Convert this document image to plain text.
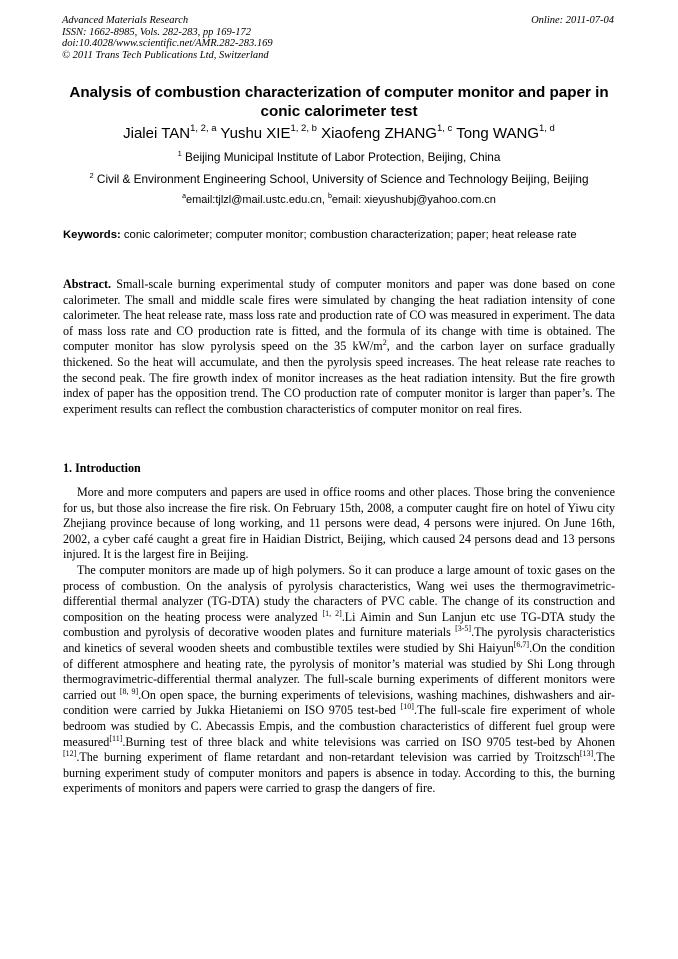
Advanced Materials Research
ISSN: 1662-8985, Vols. 282-283, pp 169-172
doi:10.4028/www.scientific.net/AMR.282-283.169
© 2011 Trans Tech Publications Ltd, Switzerland
Online: 2011-07-04
Analysis of combustion characterization of computer monitor and paper in conic calorimeter test
Jialei TAN$^{1, 2, a}$ Yushu XIE$^{1, 2, b}$ Xiaofeng ZHANG$^{1, c}$ Tong WANG$^{1, d}$
$^1$ Beijing Municipal Institute of Labor Protection, Beijing, China
$^2$ Civil & Environment Engineering School, University of Science and Technology Beijing, Beijing
$^a$email:tjlzl@mail.ustc.edu.cn, $^b$email: xieyushubj@yahoo.com.cn
Keywords: conic calorimeter; computer monitor; combustion characterization; paper; heat release rate
Abstract. Small-scale burning experimental study of computer monitors and paper was done based on cone calorimeter. The small and middle scale fires were simulated by changing the heat radiation intensity of cone calorimeter. The heat release rate, mass loss rate and production rate of CO was measured in experiment. The data of mass loss rate and CO production rate is fitted, and the formula of its change with time is obtained. The computer monitor has slow pyrolysis speed on the 35 kW/m$^2$, and the carbon layer on surface gradually thickened. So the heat will accumulate, and then the pyrolysis speed increases. The heat release rate reaches to the second peak. The fire growth index of monitor increases as the heat radiation intensity. But the fire growth index of paper has the opposition trend. The CO production rate of computer monitor is larger than paper’s. The experiment results can reflect the combustion characteristics of computer monitor on real fires.
1. Introduction

More and more computers and papers are used in office rooms and other places. Those bring the convenience for us, but those also increase the fire risk. On February 15th, 2008, a computer caught fire on hotel of Yiwu city Zhejiang province because of long working, and 11 persons were dead, 4 persons were injured. On June 16th, 2002, a cyber café caught a great fire in Haidian District, Beijing, which caused 24 persons dead and 13 persons injured. It is the largest fire in Beijing.

The computer monitors are made up of high polymers. So it can produce a large amount of toxic gases on the process of combustion. On the analysis of pyrolysis characteristics, Wang wei uses the thermogravimetric-differential thermal analyzer (TG-DTA) study the characters of PVC cable. The change of its construction and composition on the heating process were analyzed [1, 2].Li Aimin and Sun Lanjun etc use TG-DTA study the combustion and pyrolysis of decorative wooden plates and furniture materials [3-5].The pyrolysis characteristics and kinetics of several wooden sheets and combustible textiles were studied by Shi Haiyun[6,7].On the condition of different atmosphere and heating rate, the pyrolysis of monitor’s material was studied by Shi Long through thermogravimetric-differential thermal analyzer. The full-scale burning experiments of different monitors were carried out [8, 9].On open space, the burning experiments of televisions, washing machines, dishwashers and air-condition were carried by Jukka Hietaniemi on ISO 9705 test-bed [10].The full-scale fire experiment of whole bedroom was studied by C. Abecassis Empis, and the combustion characteristics of different fuel group were measured[11].Burning test of three black and white televisions was carried on ISO 9705 test-bed by Ahonen [12].The burning experiment of flame retardant and non-retardant television was carried by Troitzsch[13].The burning experiment study of computer monitors and papers is absence in today. According to this, the burning experiments of monitors and papers were carried to grasp the dangers of fire.
